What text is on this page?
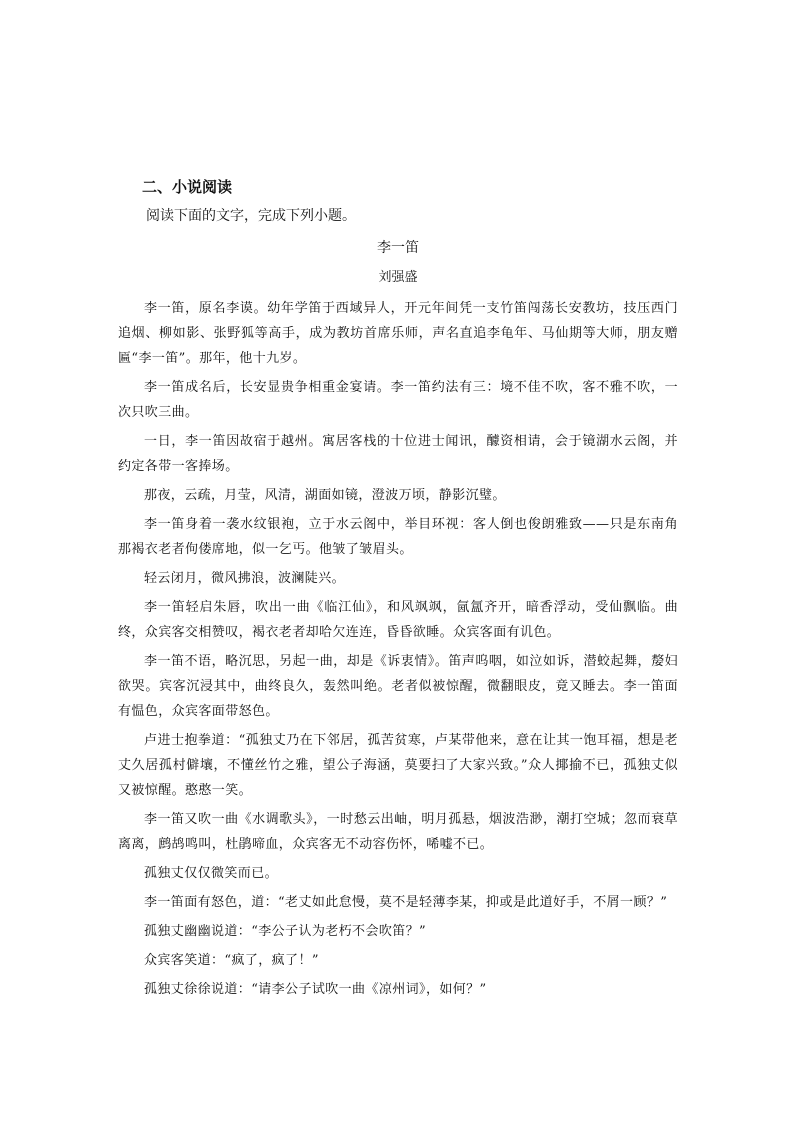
二、小说阅读
阅读下面的文字，完成下列小题。
李一笛
刘强盛
李一笛，原名李谟。幼年学笛于西域异人，开元年间凭一支竹笛闯荡长安教坊，技压西门追烟、柳如影、张野狐等高手，成为教坊首席乐师，声名直追李龟年、马仙期等大师，朋友赠匾“李一笛”。那年，他十九岁。
李一笛成名后，长安显贵争相重金宴请。李一笛约法有三：境不佳不吹，客不雅不吹，一次只吹三曲。
一日，李一笛因故宿于越州。寓居客栈的十位进士闻讯，醵资相请，会于镜湖水云阁，并约定各带一客捧场。
那夜，云疏，月莹，风清，湖面如镜，澄波万顷，静影沉璧。
李一笛身着一袭水纹银袍，立于水云阁中，举目环视：客人倒也俊朗雅致——只是东南角那褐衣老者佝偻席地，似一乞丐。他皱了皱眉头。
轻云闭月，微风拂浪，波澜陡兴。
李一笛轻启朱唇，吹出一曲《临江仙》，和风飒飒，氤氲齐开，暗香浮动，受仙飘临。曲终，众宾客交相赞叹，褐衣老者却哈欠连连，昏昏欲睡。众宾客面有讥色。
李一笛不语，略沉思，另起一曲，却是《诉衷情》。笛声呜咽，如泣如诉，潜蛟起舞，嫠妇欲哭。宾客沉浸其中，曲终良久，轰然叫绝。老者似被惊醒，微翻眼皮，竟又睡去。李一笛面有愠色，众宾客面带怒色。
卢进士抱拳道：“孤独丈乃在下邻居，孤苦贫寒，卢某带他来，意在让其一饱耳福，想是老丈久居孤村僻壤，不懂丝竹之雅，望公子海涵，莫要扫了大家兴致。”众人揶揄不已，孤独丈似又被惊醒。憨憨一笑。
李一笛又吹一曲《水调歌头》，一时愁云出岫，明月孤悬，烟波浩渺，潮打空城；忽而衰草离离，鹧鸪鸣叫，杜鹃啼血，众宾客无不动容伤怀，唏嘘不已。
孤独丈仅仅微笑而已。
李一笛面有怒色，道：“老丈如此怠慢，莫不是轻薄李某，抑或是此道好手，不屑一顾？”
孤独丈幽幽说道：“李公子认为老朽不会吹笛？”
众宾客笑道：“疯了，疯了！”
孤独丈徐徐说道：“请李公子试吹一曲《凉州词》，如何？”
